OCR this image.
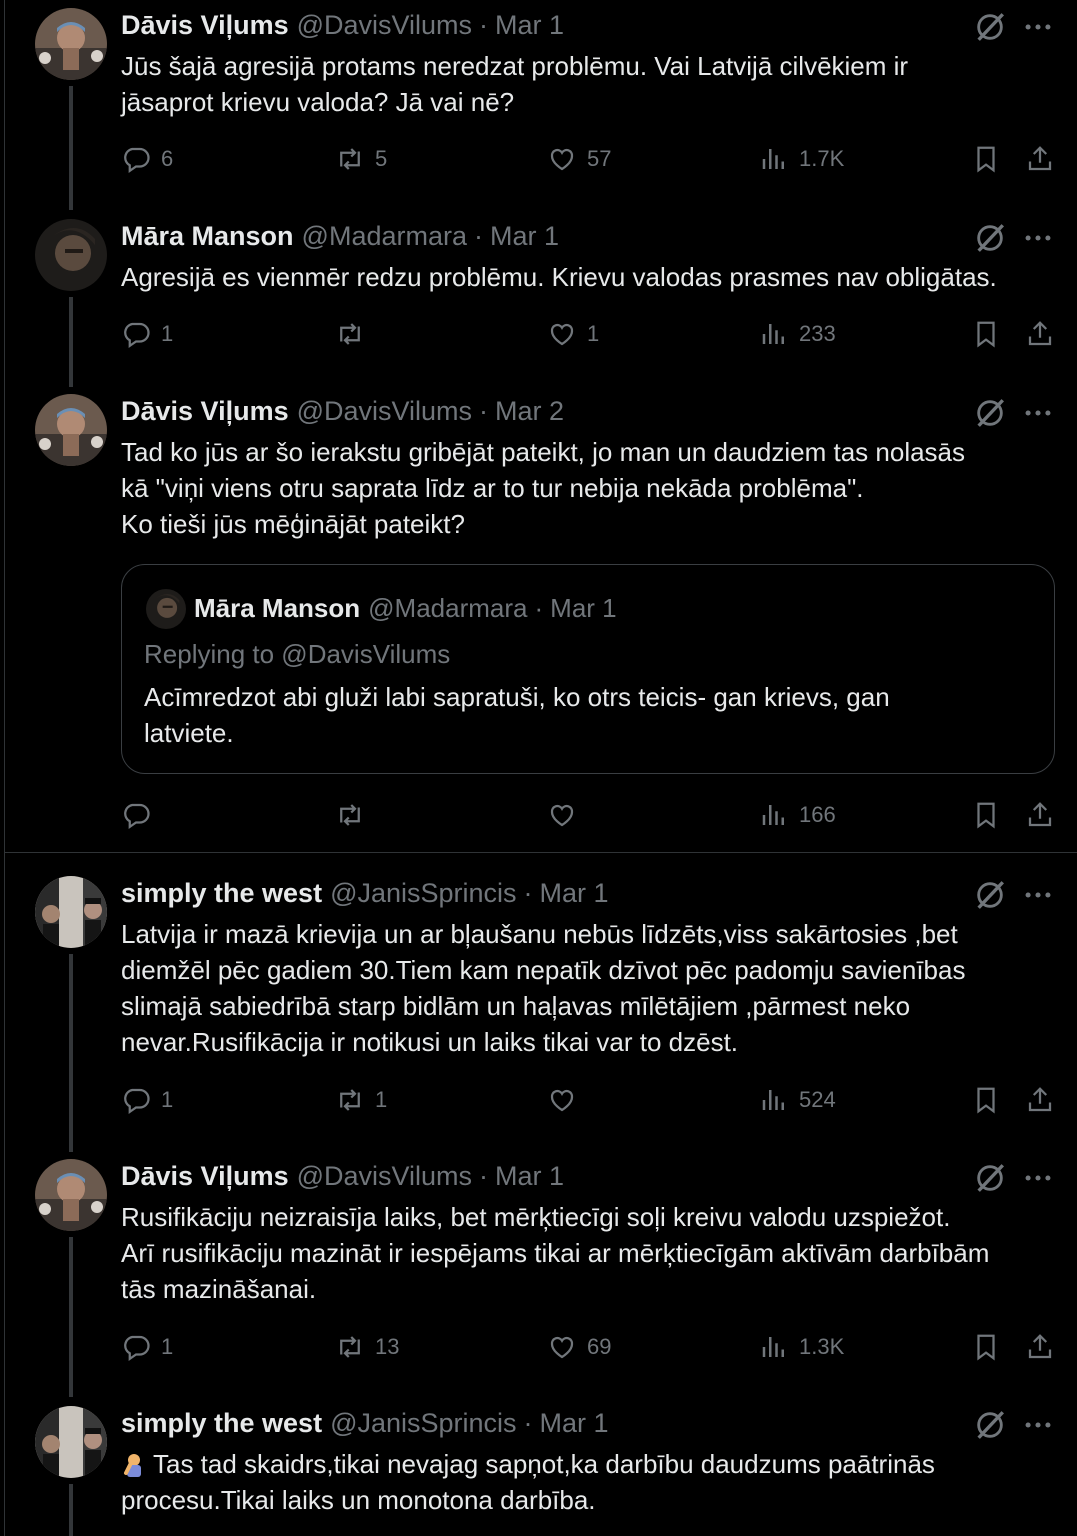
Dāvis Viļums @DavisVilums · Mar 1
Jūs šajā agresijā protams neredzat problēmu. Vai Latvijā cilvēkiem ir
jāsaprot krievu valoda? Jā vai nē?
6	5	57	1.7K
Māra Manson @Madarmara · Mar 1
Agresijā es vienmēr redzu problēmu. Krievu valodas prasmes nav obligātas.
1	1	233
Dāvis Viļums @DavisVilums · Mar 2
Tad ko jūs ar šo ierakstu gribējāt pateikt, jo man un daudziem tas nolasās
kā "viņi viens otru saprata līdz ar to tur nebija nekāda problēma".
Ko tieši jūs mēģinājāt pateikt?
Māra Manson @Madarmara · Mar 1
Replying to @DavisVilums
Acīmredzot abi gluži labi sapratuši, ko otrs teicis- gan krievs, gan
latviete.
166
simply the west @JanisSprincis · Mar 1
Latvija ir mazā krievija un ar bļaušanu nebūs līdzēts,viss sakārtosies ,bet
diemžēl pēc gadiem 30.Tiem kam nepatīk dzīvot pēc padomju savienības
slimajā sabiedrībā starp bidlām un haļavas mīlētājiem ,pārmest neko
nevar.Rusifikācija ir notikusi un laiks tikai var to dzēst.
1	1	524
Dāvis Viļums @DavisVilums · Mar 1
Rusifikāciju neizraisīja laiks, bet mērķtiecīgi soļi kreivu valodu uzspiežot.
Arī rusifikāciju mazināt ir iespējams tikai ar mērķtiecīgām aktīvām darbībām
tās mazināšanai.
1	13	69	1.3K
simply the west @JanisSprincis · Mar 1
Tas tad skaidrs,tikai nevajag sapņot,ka darbību daudzums paātrinās
procesu.Tikai laiks un monotona darbība.
